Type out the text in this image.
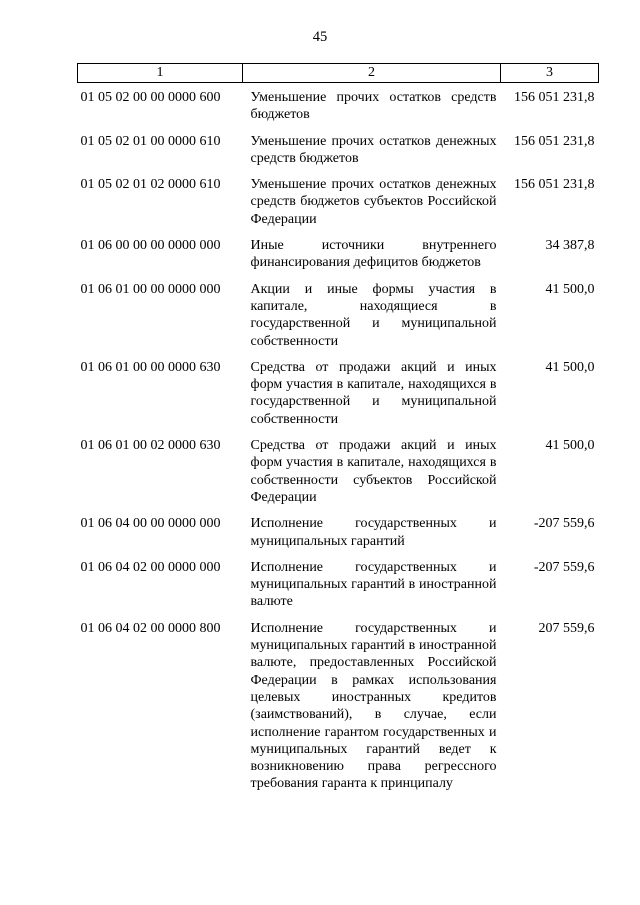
45
1	2	3
01 05 02 00 00 0000 600	Уменьшение прочих остатков средств бюджетов	156 051 231,8
01 05 02 01 00 0000 610	Уменьшение прочих остатков денежных средств бюджетов	156 051 231,8
01 05 02 01 02 0000 610	Уменьшение прочих остатков денежных средств бюджетов субъектов Российской Федерации	156 051 231,8
01 06 00 00 00 0000 000	Иные источники внутреннего финансирования дефицитов бюджетов	34 387,8
01 06 01 00 00 0000 000	Акции и иные формы участия в капитале, находящиеся в государственной и муниципальной собственности	41 500,0
01 06 01 00 00 0000 630	Средства от продажи акций и иных форм участия в капитале, находящихся в государственной и муниципальной собственности	41 500,0
01 06 01 00 02 0000 630	Средства от продажи акций и иных форм участия в капитале, находящихся в собственности субъектов Российской Федерации	41 500,0
01 06 04 00 00 0000 000	Исполнение государственных и муниципальных гарантий	-207 559,6
01 06 04 02 00 0000 000	Исполнение государственных и муниципальных гарантий в иностранной валюте	-207 559,6
01 06 04 02 00 0000 800	Исполнение государственных и муниципальных гарантий в иностранной валюте, предоставленных Российской Федерации в рамках использования целевых иностранных кредитов (заимствований), в случае, если исполнение гарантом государственных и муниципальных гарантий ведет к возникновению права регрессного требования гаранта к принципалу	207 559,6
